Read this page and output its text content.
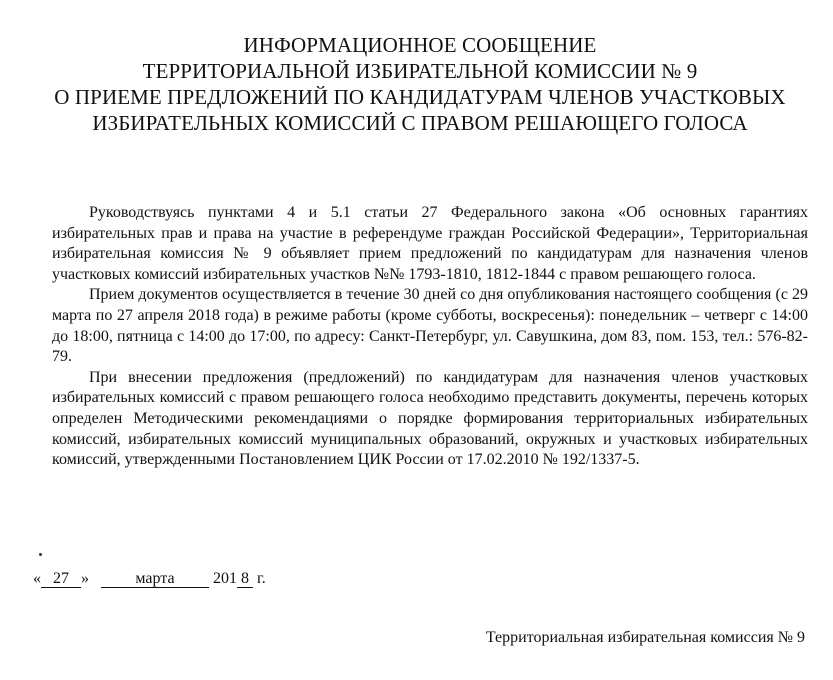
ИНФОРМАЦИОННОЕ СООБЩЕНИЕ
ТЕРРИТОРИАЛЬНОЙ ИЗБИРАТЕЛЬНОЙ КОМИССИИ № 9
О ПРИЕМЕ ПРЕДЛОЖЕНИЙ ПО КАНДИДАТУРАМ ЧЛЕНОВ УЧАСТКОВЫХ
ИЗБИРАТЕЛЬНЫХ КОМИССИЙ С ПРАВОМ РЕШАЮЩЕГО ГОЛОСА

Руководствуясь пунктами 4 и 5.1 статьи 27 Федерального закона «Об основных гарантиях избирательных прав и права на участие в референдуме граждан Российской Федерации», Территориальная избирательная комиссия № 9 объявляет прием предложений по кандидатурам для назначения членов участковых комиссий избирательных участков №№ 1793-1810, 1812-1844 с правом решающего голоса.

Прием документов осуществляется в течение 30 дней со дня опубликования настоящего сообщения (с 29 марта по 27 апреля 2018 года) в режиме работы (кроме субботы, воскресенья): понедельник – четверг с 14:00 до 18:00, пятница с 14:00 до 17:00, по адресу: Санкт-Петербург, ул. Савушкина, дом 83, пом. 153, тел.: 576-82-79.

При внесении предложения (предложений) по кандидатурам для назначения членов участковых избирательных комиссий с правом решающего голоса необходимо представить документы, перечень которых определен Методическими рекомендациями о порядке формирования территориальных избирательных комиссий, избирательных комиссий муниципальных образований, окружных и участковых избирательных комиссий, утвержденными Постановлением ЦИК России от 17.02.2010 № 192/1337-5.

« 27 »	марта 201 8 г.
Территориальная избирательная комиссия № 9
